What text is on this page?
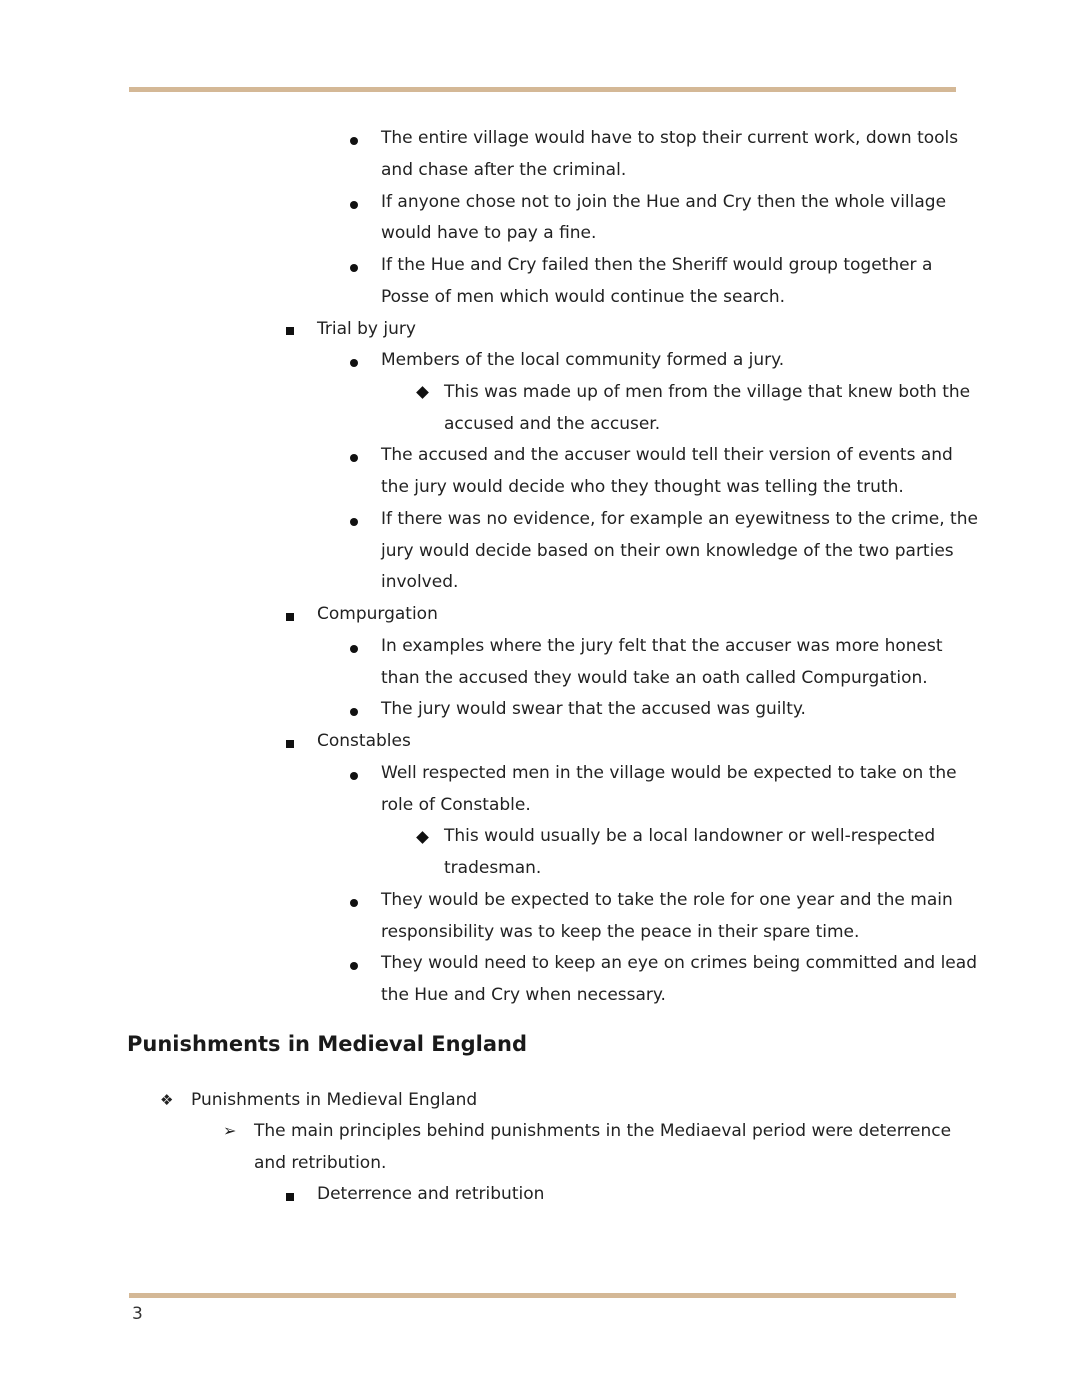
The entire village would have to stop their current work, down tools
and chase after the criminal.
If anyone chose not to join the Hue and Cry then the whole village
would have to pay a fine.
If the Hue and Cry failed then the Sheriff would group together a
Posse of men which would continue the search.
Trial by jury
Members of the local community formed a jury.
This was made up of men from the village that knew both the
accused and the accuser.
The accused and the accuser would tell their version of events and
the jury would decide who they thought was telling the truth.
If there was no evidence, for example an eyewitness to the crime, the
jury would decide based on their own knowledge of the two parties
involved.
Compurgation
In examples where the jury felt that the accuser was more honest
than the accused they would take an oath called Compurgation.
The jury would swear that the accused was guilty.
Constables
Well respected men in the village would be expected to take on the
role of Constable.
This would usually be a local landowner or well-respected
tradesman.
They would be expected to take the role for one year and the main
responsibility was to keep the peace in their spare time.
They would need to keep an eye on crimes being committed and lead
the Hue and Cry when necessary.
Punishments in Medieval England
❖ Punishments in Medieval England
➢ The main principles behind punishments in the Mediaeval period were deterrence
and retribution.
Deterrence and retribution
3
